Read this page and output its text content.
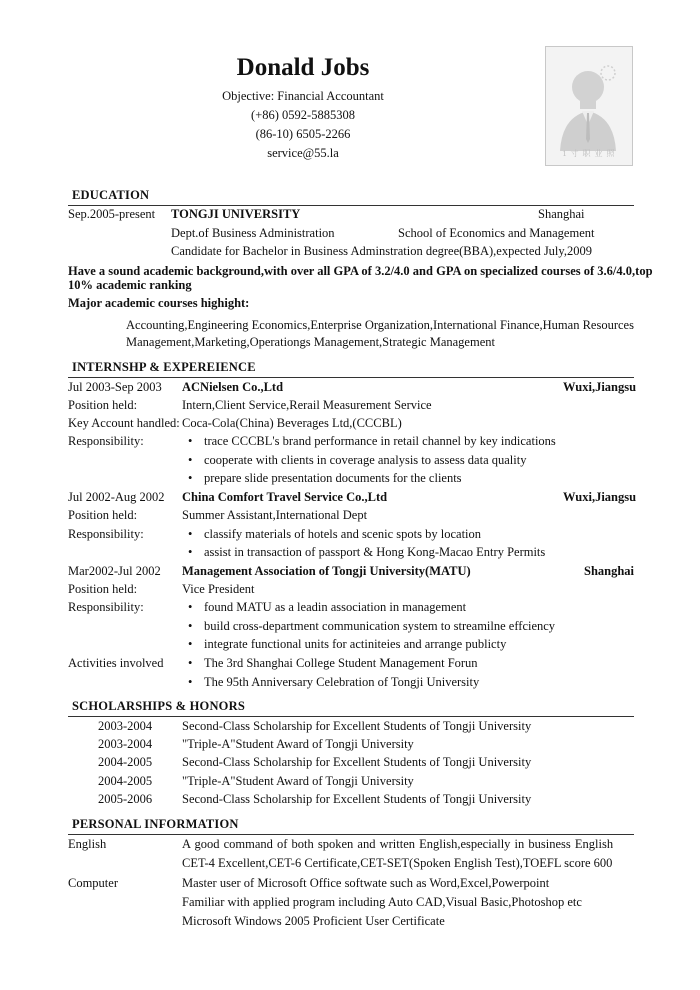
Donald Jobs
Objective: Financial Accountant
(+86) 0592-5885308
(86-10) 6505-2266
service@55.la	1 寸 职 业 照
EDUCATION
Sep.2005-present TONGJI UNIVERSITY	Shanghai
Dept.of Business Administration	School of Economics and Management
Candidate for Bachelor in Business Adminstration degree(BBA),expected July,2009
Have a sound academic background,with over all GPA of 3.2/4.0 and GPA on specialized courses of 3.6/4.0,top
10% academic ranking
Major academic courses highight:
Accounting,Engineering Economics,Enterprise Organization,International Finance,Human Resources
Management,Marketing,Operationgs Management,Strategic Management
INTERNSHP & EXPEREIENCE
Jul 2003-Sep 2003 ACNielsen Co.,Ltd	Wuxi,Jiangsu
Position held:	Intern,Client Service,Rerail Measurement Service
Key Account handled: Coca-Cola(China) Beverages Ltd,(CCCBL)
Responsibility:	• trace CCCBL's brand performance in retail channel by key indications
• cooperate with clients in coverage analysis to assess data quality
• prepare slide presentation documents for the clients
Jul 2002-Aug 2002 China Comfort Travel Service Co.,Ltd	Wuxi,Jiangsu
Position held:	Summer Assistant,International Dept
Responsibility:	• classify materials of hotels and scenic spots by location
• assist in transaction of passport & Hong Kong-Macao Entry Permits
Mar2002-Jul 2002 Management Association of Tongji University(MATU)	Shanghai
Position held:	Vice President
Responsibility:	• found MATU as a leadin association in management
• build cross-department communication system to streamilne effciency
• integrate functional units for actiniteies and arrange publicty
Activities involved • The 3rd Shanghai College Student Management Forun
• The 95th Anniversary Celebration of Tongji University
SCHOLARSHIPS & HONORS
2003-2004 Second-Class Scholarship for Excellent Students of Tongji University
2003-2004 "Triple-A"Student Award of Tongji University
2004-2005 Second-Class Scholarship for Excellent Students of Tongji University
2004-2005 "Triple-A"Student Award of Tongji University
2005-2006 Second-Class Scholarship for Excellent Students of Tongji University
PERSONAL INFORMATION
English	A good command of both spoken and written English,especially in business English
CET-4 Excellent,CET-6 Certificate,CET-SET(Spoken English Test),TOEFL score 600
Computer	Master user of Microsoft Office softwate such as Word,Excel,Powerpoint
Familiar with applied program including Auto CAD,Visual Basic,Photoshop etc
Microsoft Windows 2005 Proficient User Certificate
